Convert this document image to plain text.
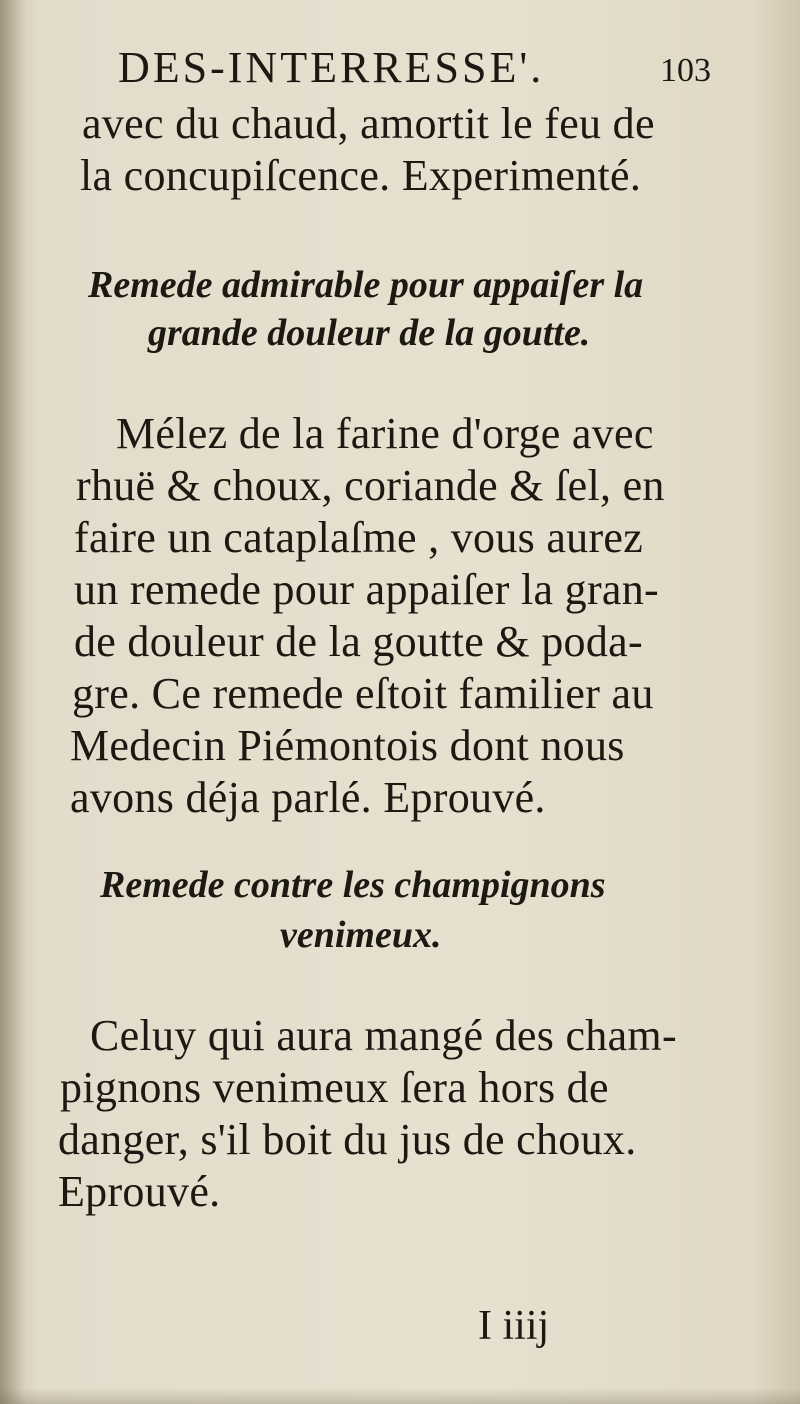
DES-INTERRESSE'.	103
avec du chaud, amortit le feu de
la concupiſcence. Experimenté.
Remede admirable pour appaiſer la
grande douleur de la goutte.
Mélez de la farine d'orge avec
rhuë & choux, coriande & ſel, en
faire un cataplaſme , vous aurez
un remede pour appaiſer la gran-
de douleur de la goutte & poda-
gre. Ce remede eſtoit familier au
Medecin Piémontois dont nous
avons déja parlé. Eprouvé.
Remede contre les champignons
venimeux.
Celuy qui aura mangé des cham-
pignons venimeux ſera hors de
danger, s'il boit du jus de choux.
Eprouvé.
I iiij
